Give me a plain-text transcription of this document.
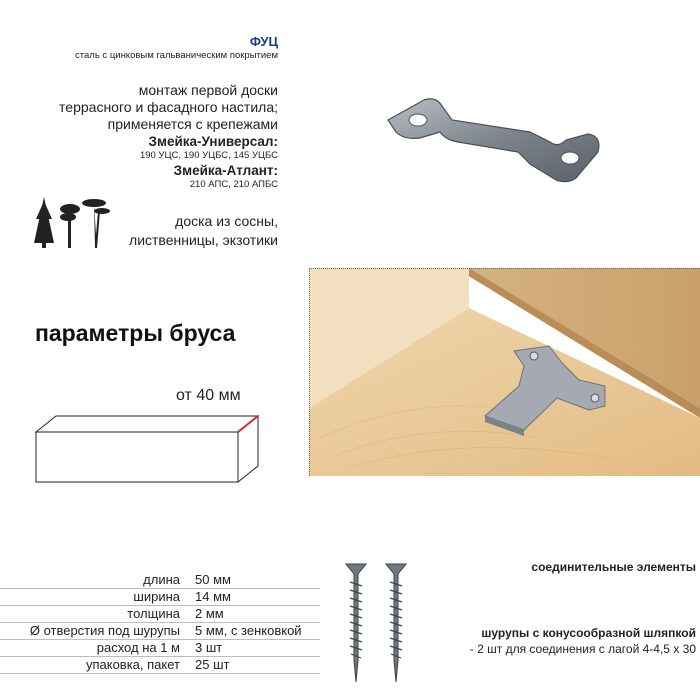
ФУЦ
сталь с цинковым гальваническим покрытием
монтаж первой доски
террасного и фасадного настила;
применяется с крепежами
Змейка-Универсал:
190 УЦС, 190 УЦБС, 145 УЦБС
Змейка-Атлант:
210 АПС, 210 АПБС
доска из сосны,
лиственницы, экзотики
параметры бруса
от 40 мм
длина 50 мм
ширина 14 мм
толщина 2 мм
Ø отверстия под шурупы 5 мм, с зенковкой
расход на 1 м 3 шт
упаковка, пакет 25 шт
соединительные элементы
шурупы с конусообразной шляпкой
- 2 шт для соединения с лагой 4-4,5 х 30
